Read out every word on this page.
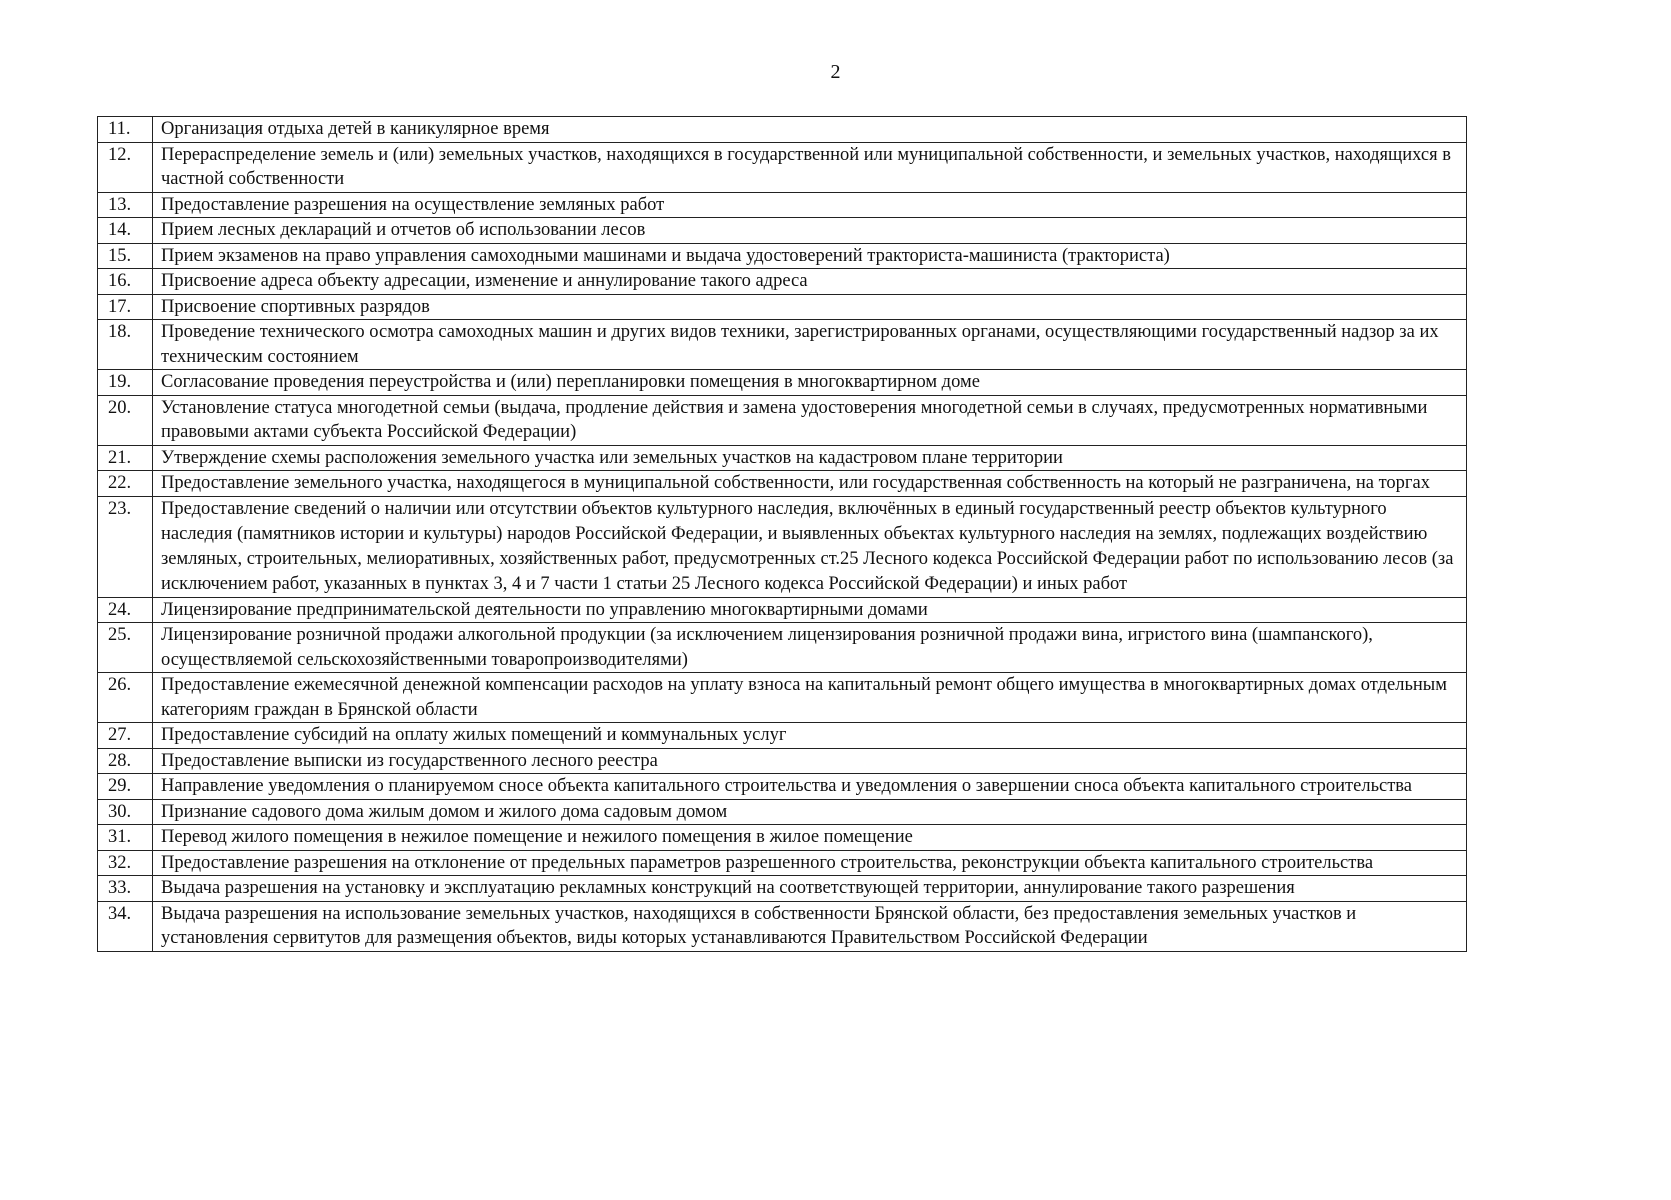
2
11.	Организация отдыха детей в каникулярное время
12.	Перераспределение земель и (или) земельных участков, находящихся в государственной или муниципальной собственности, и земельных участков, находящихся в частной собственности
13.	Предоставление разрешения на осуществление земляных работ
14.	Прием лесных деклараций и отчетов об использовании лесов
15.	Прием экзаменов на право управления самоходными машинами и выдача удостоверений тракториста-машиниста (тракториста)
16.	Присвоение адреса объекту адресации, изменение и аннулирование такого адреса
17.	Присвоение спортивных разрядов
18.	Проведение технического осмотра самоходных машин и других видов техники, зарегистрированных органами, осуществляющими государственный надзор за их техническим состоянием
19.	Согласование проведения переустройства и (или) перепланировки помещения в многоквартирном доме
20.	Установление статуса многодетной семьи (выдача, продление действия и замена удостоверения многодетной семьи в случаях, предусмотренных нормативными правовыми актами субъекта Российской Федерации)
21.	Утверждение схемы расположения земельного участка или земельных участков на кадастровом плане территории
22.	Предоставление земельного участка, находящегося в муниципальной собственности, или государственная собственность на который не разграничена, на торгах
23.	Предоставление сведений о наличии или отсутствии объектов культурного наследия, включённых в единый государственный реестр объектов культурного наследия (памятников истории и культуры) народов Российской Федерации, и выявленных объектах культурного наследия на землях, подлежащих воздействию земляных, строительных, мелиоративных, хозяйственных работ, предусмотренных ст.25 Лесного кодекса Российской Федерации работ по использованию лесов (за исключением работ, указанных в пунктах 3, 4 и 7 части 1 статьи 25 Лесного кодекса Российской Федерации) и иных работ
24.	Лицензирование предпринимательской деятельности по управлению многоквартирными домами
25.	Лицензирование розничной продажи алкогольной продукции (за исключением лицензирования розничной продажи вина, игристого вина (шампанского), осуществляемой сельскохозяйственными товаропроизводителями)
26.	Предоставление ежемесячной денежной компенсации расходов на уплату взноса на капитальный ремонт общего имущества в многоквартирных домах отдельным категориям граждан в Брянской области
27.	Предоставление субсидий на оплату жилых помещений и коммунальных услуг
28.	Предоставление выписки из государственного лесного реестра
29.	Направление уведомления о планируемом сносе объекта капитального строительства и уведомления о завершении сноса объекта капитального строительства
30.	Признание садового дома жилым домом и жилого дома садовым домом
31.	Перевод жилого помещения в нежилое помещение и нежилого помещения в жилое помещение
32.	Предоставление разрешения на отклонение от предельных параметров разрешенного строительства, реконструкции объекта капитального строительства
33.	Выдача разрешения на установку и эксплуатацию рекламных конструкций на соответствующей территории, аннулирование такого разрешения
34.	Выдача разрешения на использование земельных участков, находящихся в собственности Брянской области, без предоставления земельных участков и установления сервитутов для размещения объектов, виды которых устанавливаются Правительством Российской Федерации
